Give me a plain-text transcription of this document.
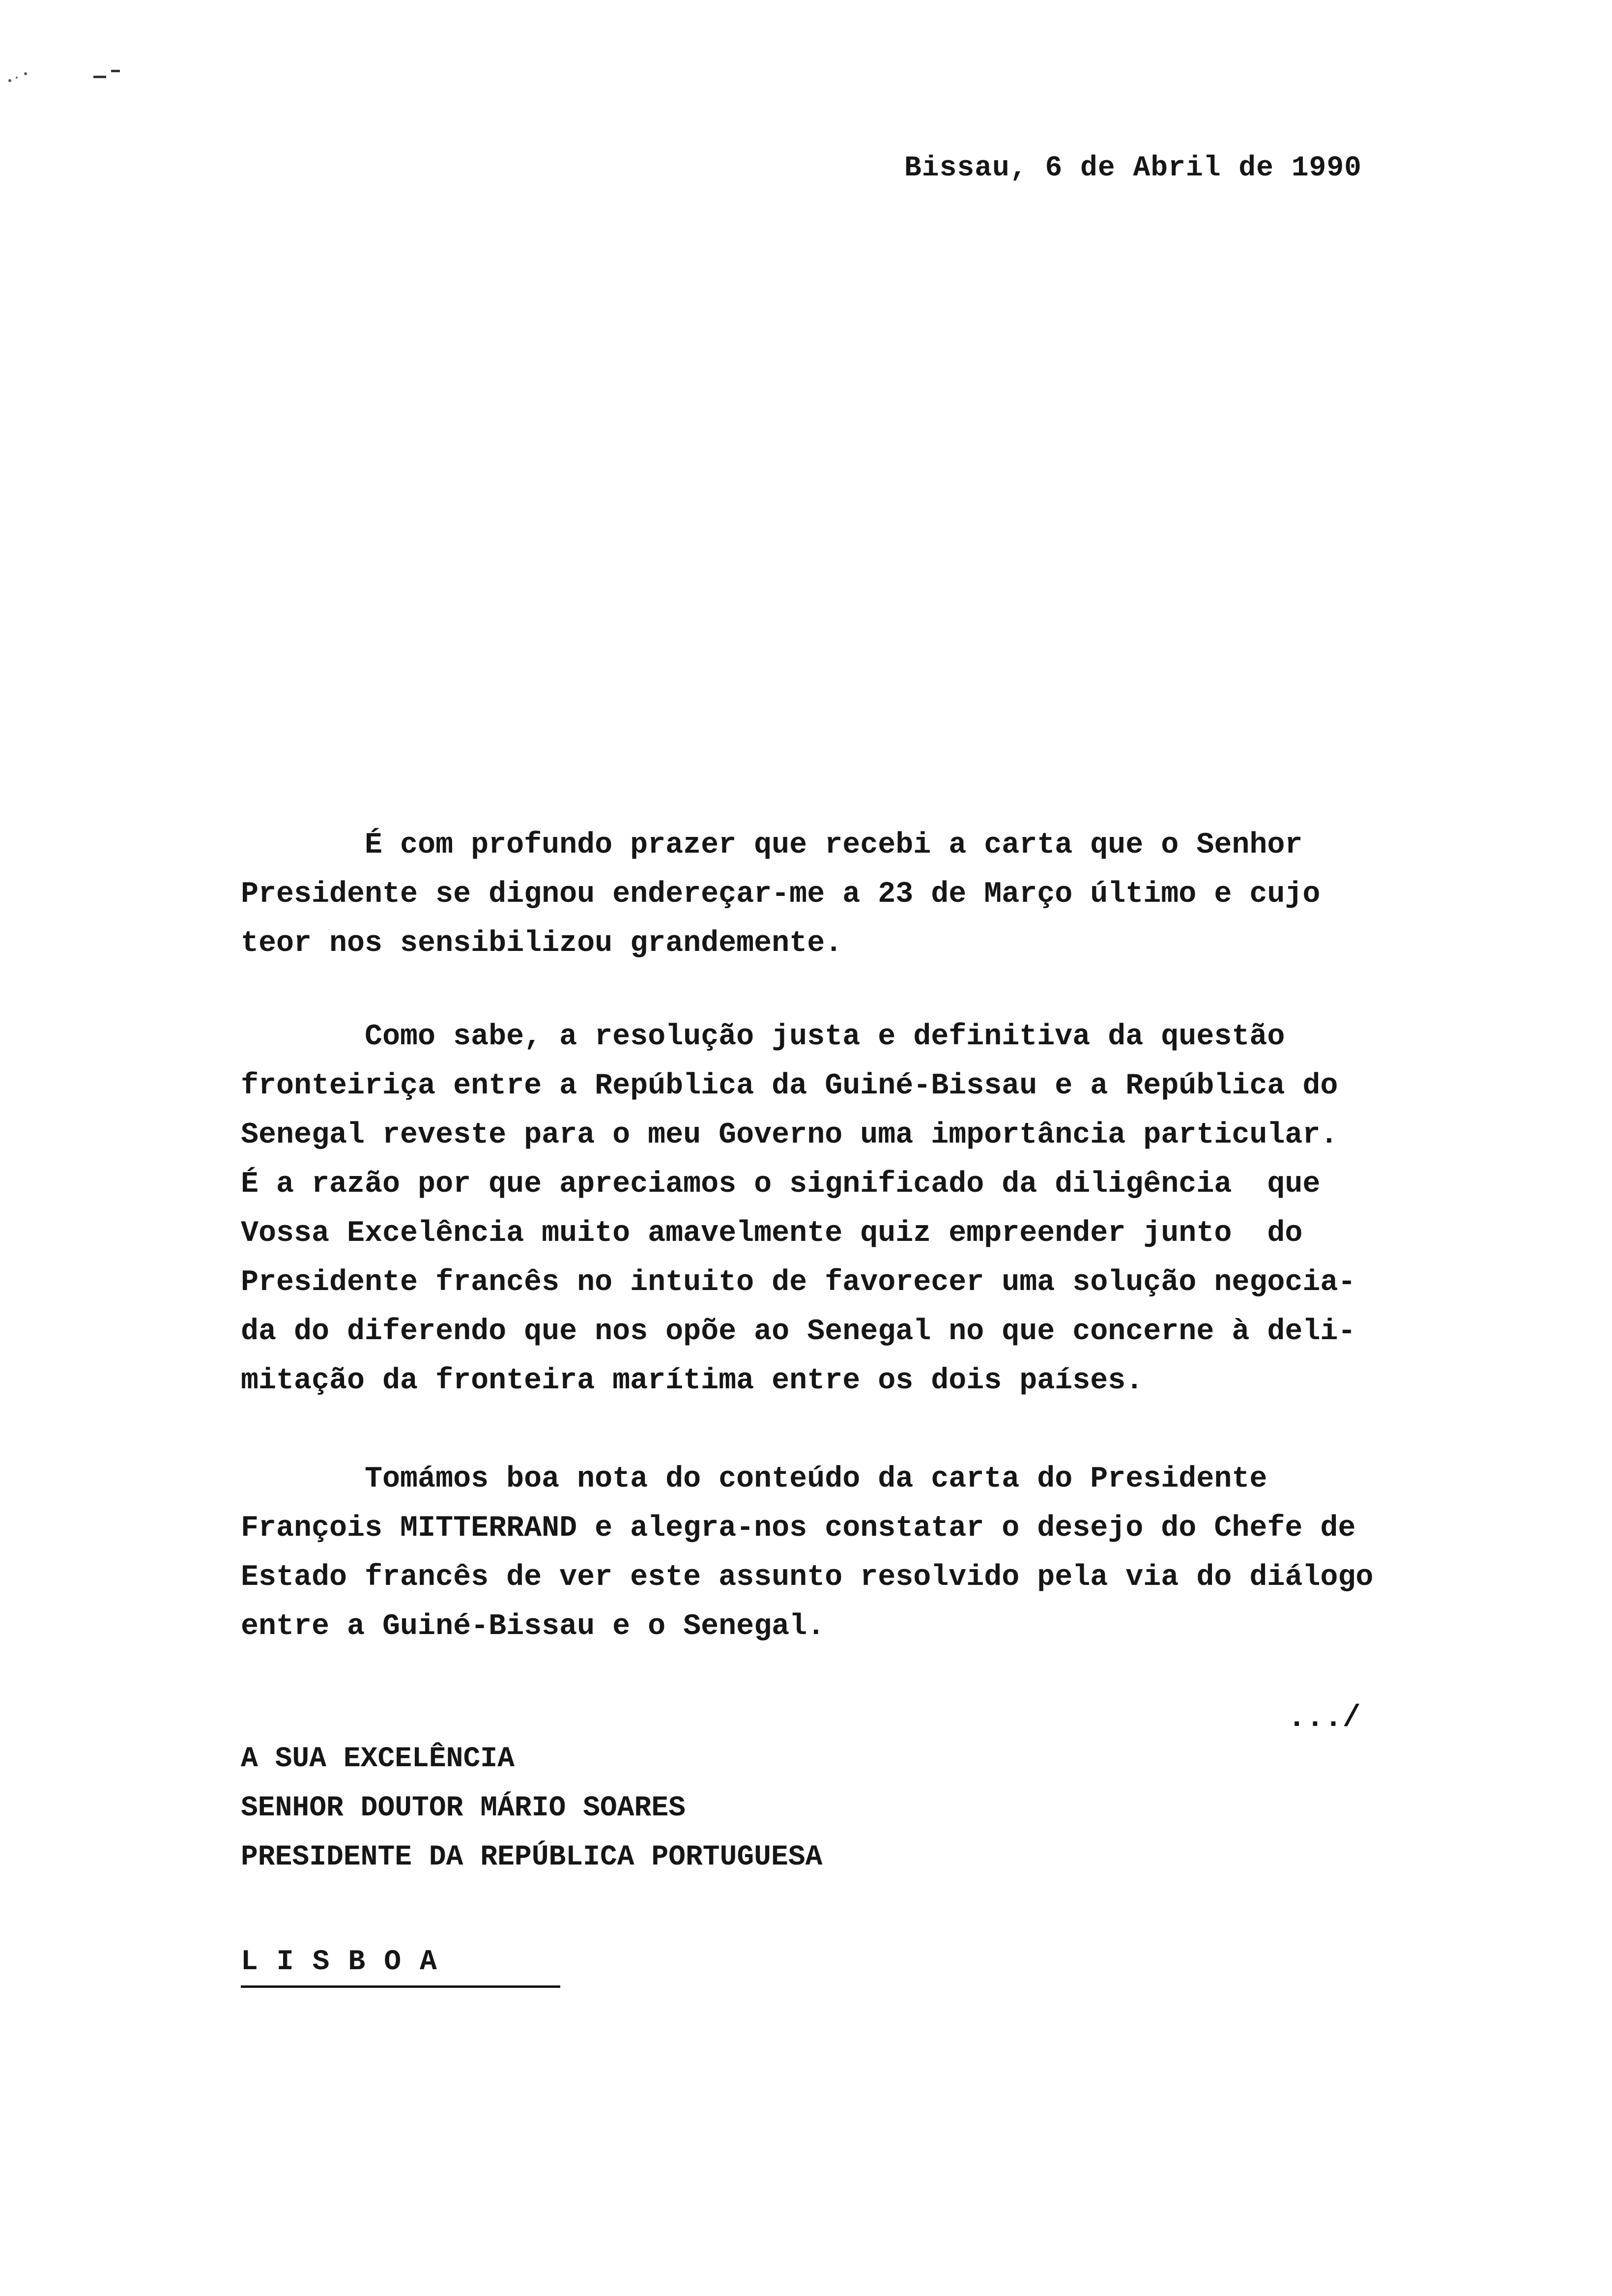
Bissau, 6 de Abril de 1990

É com profundo prazer que recebi a carta que o Senhor
Presidente se dignou endereçar-me a 23 de Março último e cujo
teor nos sensibilizou grandemente.

Como sabe, a resolução justa e definitiva da questão
fronteiriça entre a República da Guiné-Bissau e a República do
Senegal reveste para o meu Governo uma importância particular.
É a razão por que apreciamos o significado da diligência  que
Vossa Excelência muito amavelmente quiz empreender junto  do
Presidente francês no intuito de favorecer uma solução negocia-
da do diferendo que nos opõe ao Senegal no que concerne à deli-
mitação da fronteira marítima entre os dois países.

Tomámos boa nota do conteúdo da carta do Presidente
François MITTERRAND e alegra-nos constatar o desejo do Chefe de
Estado francês de ver este assunto resolvido pela via do diálogo
entre a Guiné-Bissau e o Senegal.

.../
A SUA EXCELÊNCIA
SENHOR DOUTOR MÁRIO SOARES
PRESIDENTE DA REPÚBLICA PORTUGUESA
LISBOA
